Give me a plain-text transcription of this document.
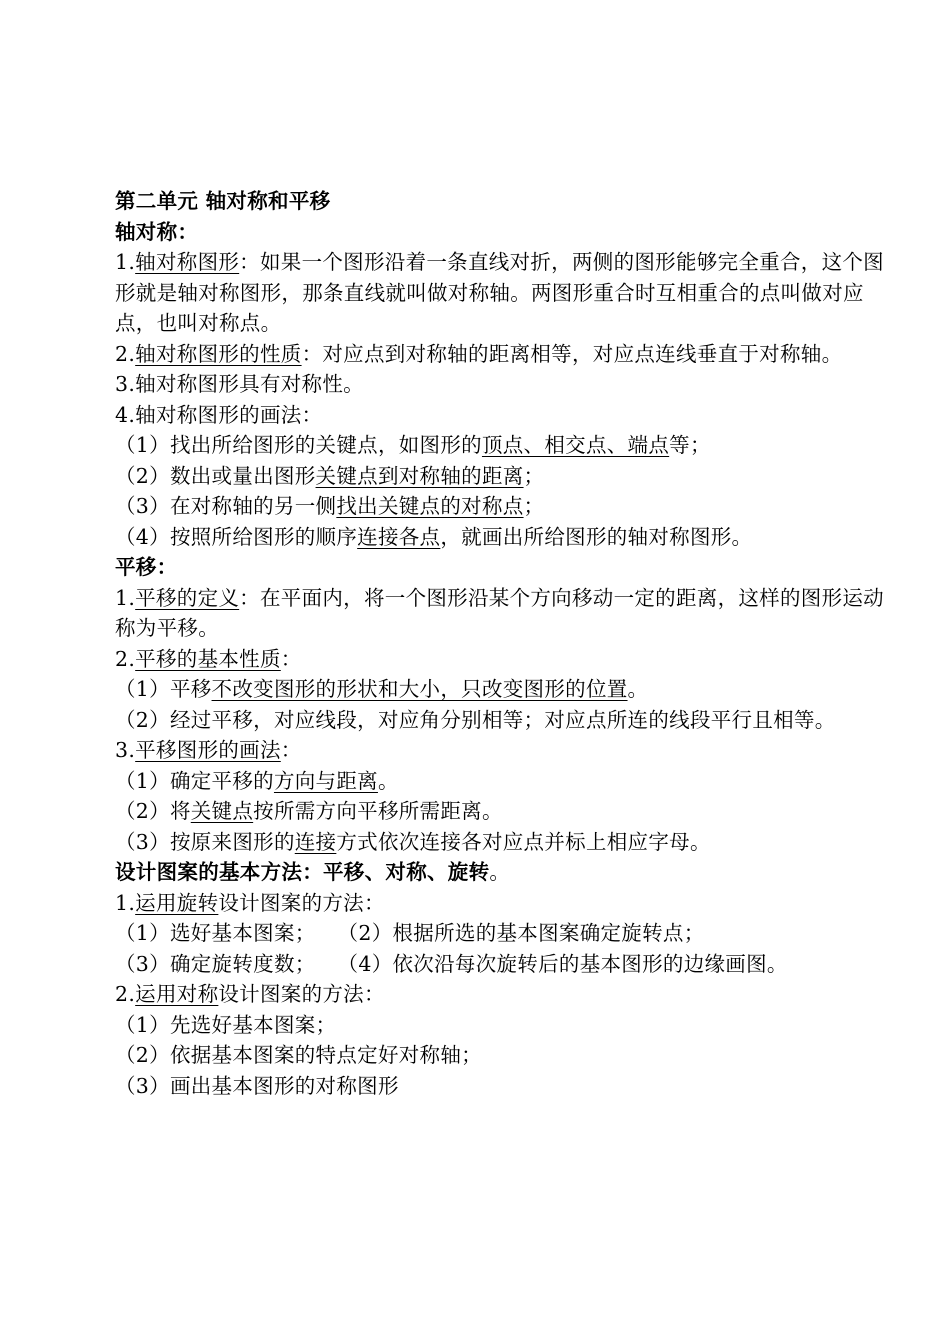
第二单元 轴对称和平移
轴对称：
1.轴对称图形：如果一个图形沿着一条直线对折，两侧的图形能够完全重合，这个图形就是轴对称图形，那条直线就叫做对称轴。两图形重合时互相重合的点叫做对应点，也叫对称点。
2.轴对称图形的性质：对应点到对称轴的距离相等，对应点连线垂直于对称轴。
3.轴对称图形具有对称性。
4.轴对称图形的画法：
（1）找出所给图形的关键点，如图形的顶点、相交点、端点等；
（2）数出或量出图形关键点到对称轴的距离；
（3）在对称轴的另一侧找出关键点的对称点；
（4）按照所给图形的顺序连接各点，就画出所给图形的轴对称图形。
平移：
1.平移的定义：在平面内，将一个图形沿某个方向移动一定的距离，这样的图形运动称为平移。
2.平移的基本性质：
（1）平移不改变图形的形状和大小，只改变图形的位置。
（2）经过平移，对应线段，对应角分别相等；对应点所连的线段平行且相等。
3.平移图形的画法：
（1）确定平移的方向与距离。
（2）将关键点按所需方向平移所需距离。
（3）按原来图形的连接方式依次连接各对应点并标上相应字母。
设计图案的基本方法：平移、对称、旋转。
1.运用旋转设计图案的方法：
（1）选好基本图案； （2）根据所选的基本图案确定旋转点；
（3）确定旋转度数； （4）依次沿每次旋转后的基本图形的边缘画图。
2.运用对称设计图案的方法：
（1）先选好基本图案；
（2）依据基本图案的特点定好对称轴；
（3）画出基本图形的对称图形
